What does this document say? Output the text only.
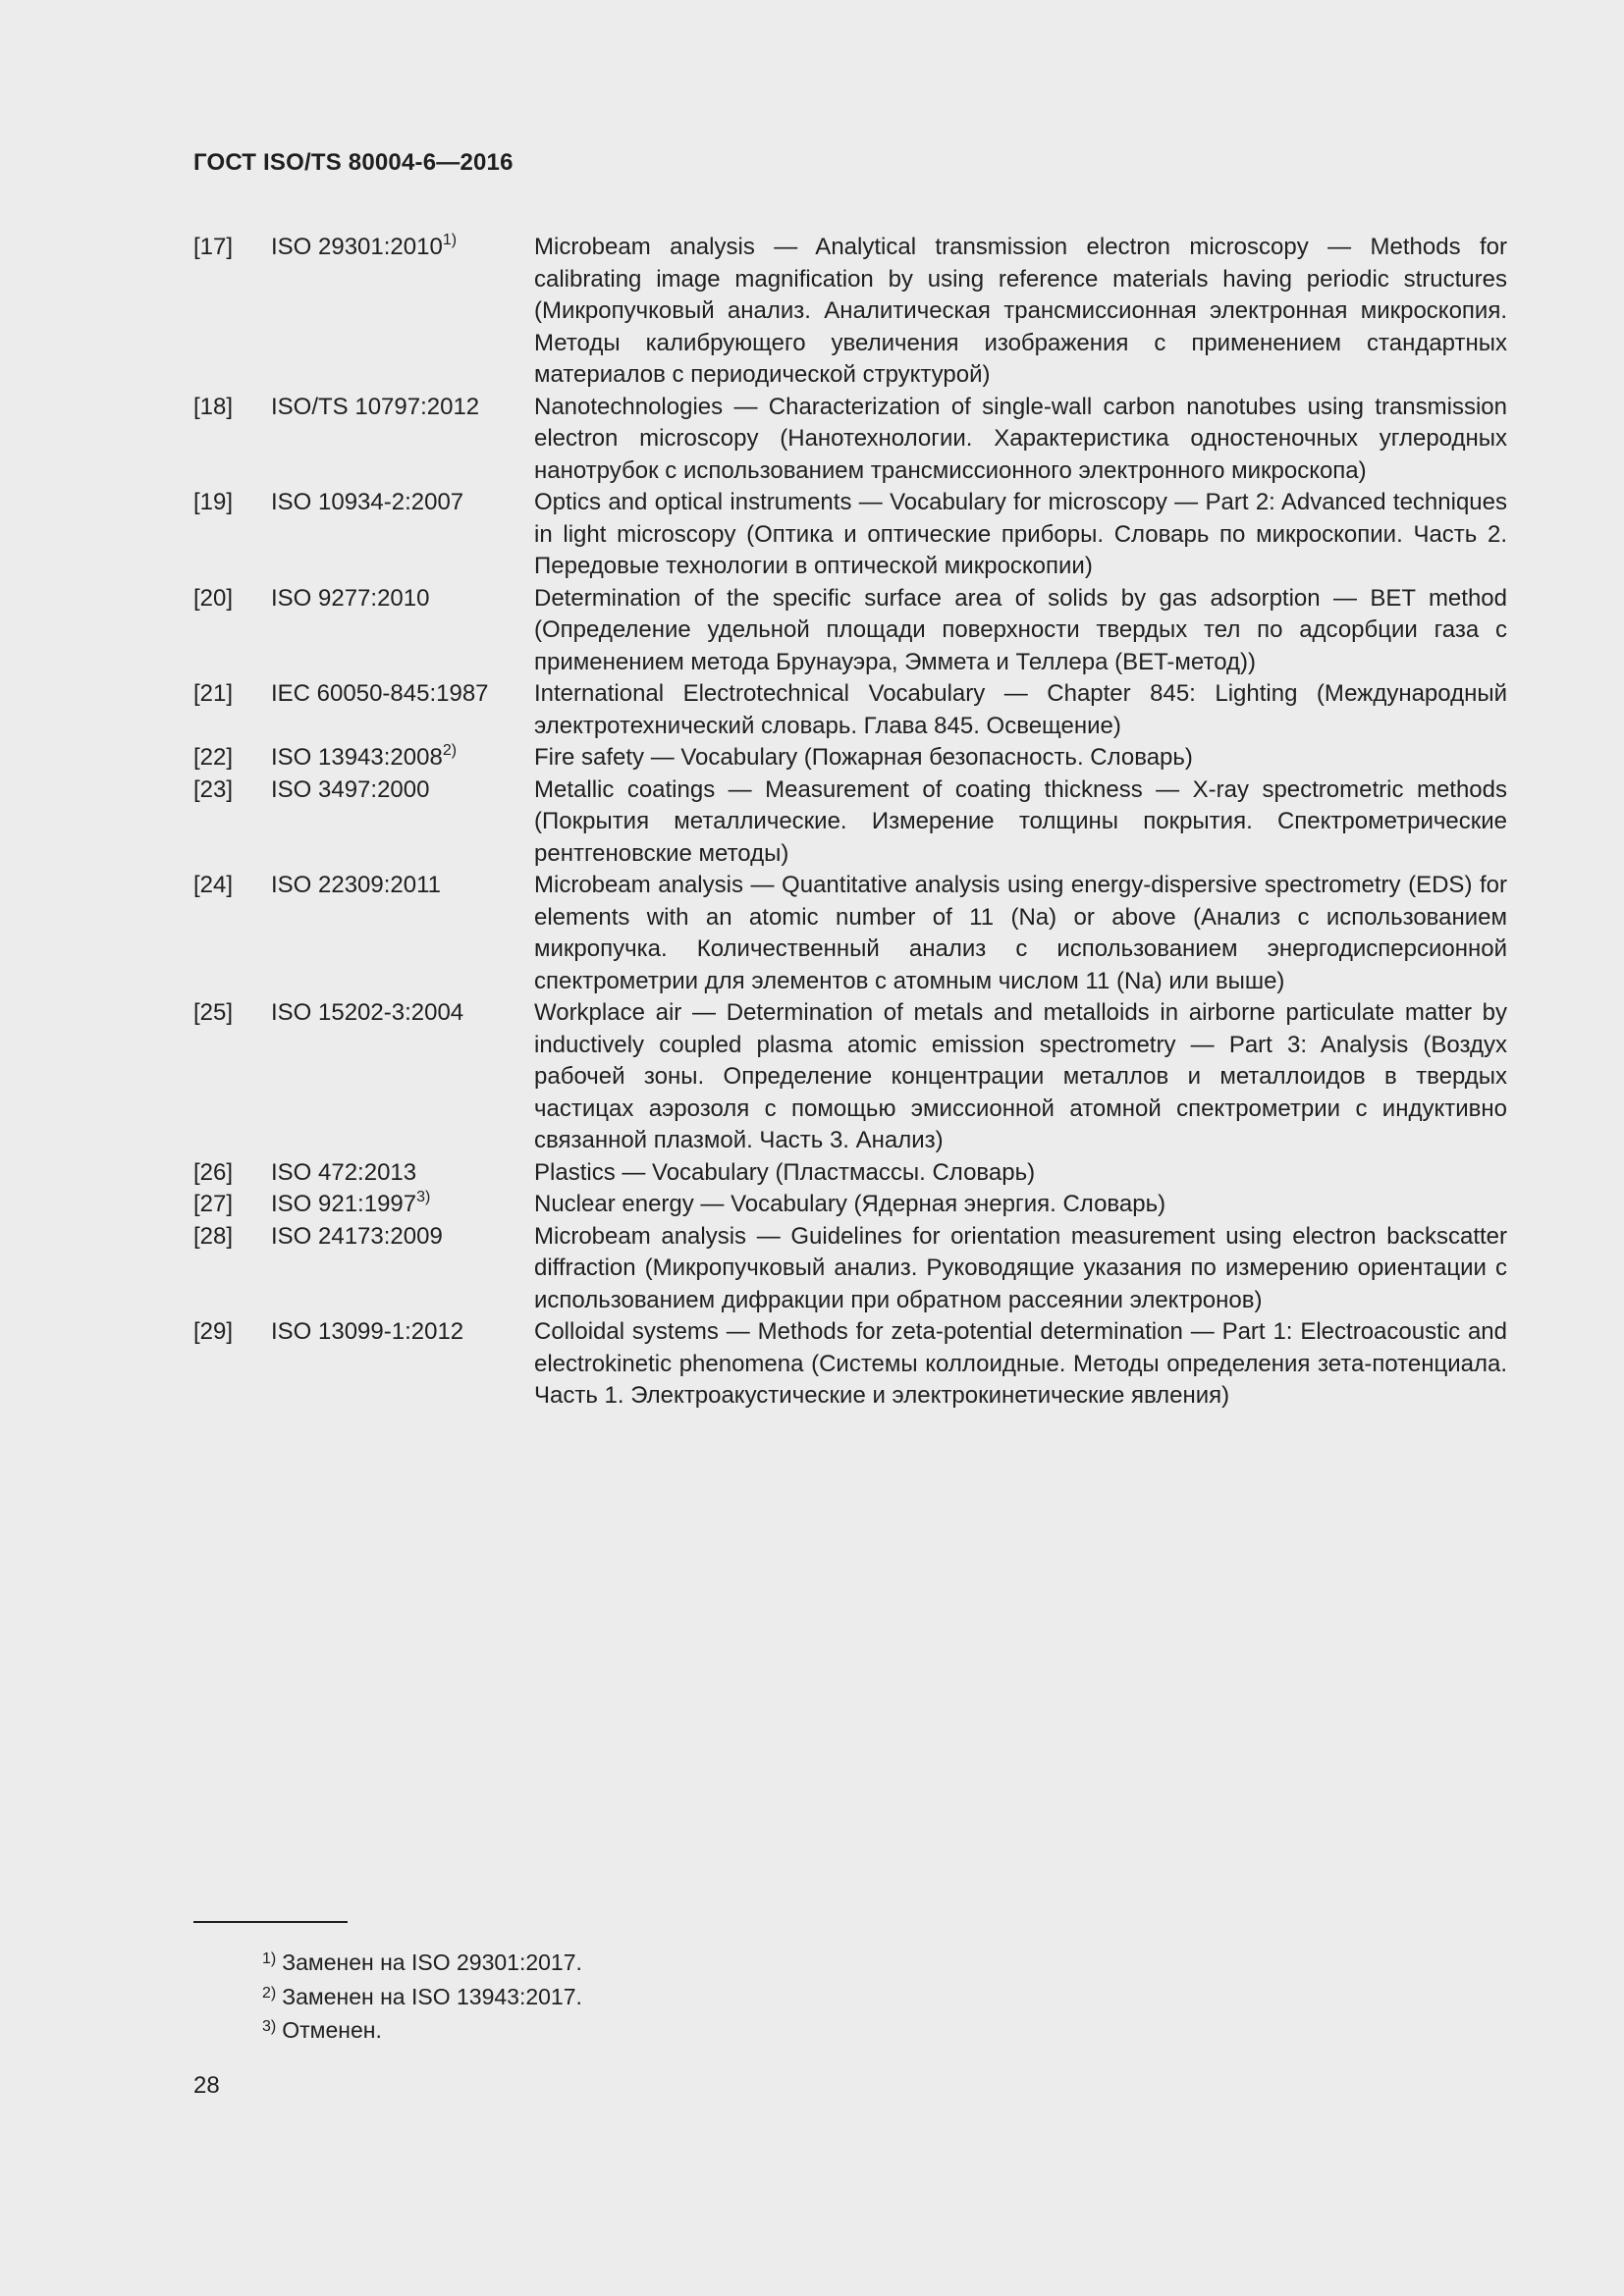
ГОСТ ISO/TS 80004-6—2016
[17]	ISO 29301:2010$^{1)}$	Microbeam analysis — Analytical transmission electron microscopy — Methods for calibrating image magnification by using reference materials having periodic structures (Микропучковый анализ. Аналитическая трансмиссионная электронная микроскопия. Методы калибрующего увеличения изображения с применением стандартных материалов с периодической структурой)
[18]	ISO/TS 10797:2012	Nanotechnologies — Characterization of single-wall carbon nanotubes using transmission electron microscopy (Нанотехнологии. Характеристика одностеночных углеродных нанотрубок с использованием трансмиссионного электронного микроскопа)
[19]	ISO 10934-2:2007	Optics and optical instruments — Vocabulary for microscopy — Part 2: Advanced techniques in light microscopy (Оптика и оптические приборы. Словарь по микроскопии. Часть 2. Передовые технологии в оптической микроскопии)
[20]	ISO 9277:2010	Determination of the specific surface area of solids by gas adsorption — BET method (Определение удельной площади поверхности твердых тел по адсорбции газа с применением метода Брунауэра, Эммета и Теллера (BET-метод))
[21]	IEC 60050-845:1987	International Electrotechnical Vocabulary — Chapter 845: Lighting (Международный электротехнический словарь. Глава 845. Освещение)
[22]	ISO 13943:2008$^{2)}$	Fire safety — Vocabulary (Пожарная безопасность. Словарь)
[23]	ISO 3497:2000	Metallic coatings — Measurement of coating thickness — X-ray spectrometric methods (Покрытия металлические. Измерение толщины покрытия. Спектрометрические рентгеновские методы)
[24]	ISO 22309:2011	Microbeam analysis — Quantitative analysis using energy-dispersive spectrometry (EDS) for elements with an atomic number of 11 (Na) or above (Анализ с использованием микропучка. Количественный анализ с использованием энергодисперсионной спектрометрии для элементов с атомным числом 11 (Na) или выше)
[25]	ISO 15202-3:2004	Workplace air — Determination of metals and metalloids in airborne particulate matter by inductively coupled plasma atomic emission spectrometry — Part 3: Analysis (Воздух рабочей зоны. Определение концентрации металлов и металлоидов в твердых частицах аэрозоля с помощью эмиссионной атомной спектрометрии с индуктивно связанной плазмой. Часть 3. Анализ)
[26]	ISO 472:2013	Plastics — Vocabulary (Пластмассы. Словарь)
[27]	ISO 921:1997$^{3)}$	Nuclear energy — Vocabulary (Ядерная энергия. Словарь)
[28]	ISO 24173:2009	Microbeam analysis — Guidelines for orientation measurement using electron backscatter diffraction (Микропучковый анализ. Руководящие указания по измерению ориентации с использованием дифракции при обратном рассеянии электронов)
[29]	ISO 13099-1:2012	Colloidal systems — Methods for zeta-potential determination — Part 1: Electroacoustic and electrokinetic phenomena (Системы коллоидные. Методы определения зета-потенциала. Часть 1. Электроакустические и электрокинетические явления)
$^{1)}$ Заменен на ISO 29301:2017.
$^{2)}$ Заменен на ISO 13943:2017.
$^{3)}$ Отменен.
28
